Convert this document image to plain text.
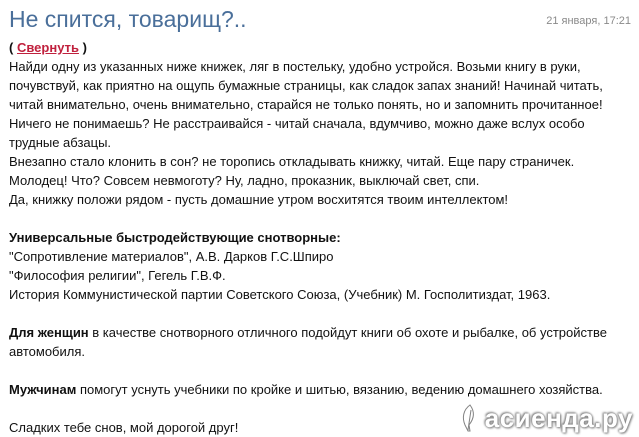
Не спится, товарищ?..	21 января, 17:21
( Свернуть )

Найди одну из указанных ниже книжек, ляг в постельку, удобно устройся. Возьми книгу в руки, почувствуй, как приятно на ощупь бумажные страницы, как сладок запах знаний! Начинай читать, читай внимательно, очень внимательно, старайся не только понять, но и запомнить прочитанное! Ничего не понимаешь? Не расстраивайся - читай сначала, вдумчиво, можно даже вслух особо трудные абзацы.

Внезапно стало клонить в сон? не торопись откладывать книжку, читай. Еще пару страничек. Молодец! Что? Совсем невмоготу? Ну, ладно, проказник, выключай свет, спи.

Да, книжку положи рядом - пусть домашние утром восхитятся твоим интеллектом!

Универсальные быстродействующие снотворные:

"Сопротивление материалов", А.В. Дарков Г.С.Шпиро

"Философия религии", Гегель Г.В.Ф.

История Коммунистической партии Советского Союза, (Учебник) М. Госполитиздат, 1963.

Для женщин в качестве снотворного отличного подойдут книги об охоте и рыбалке, об устройстве автомобиля.

Мужчинам помогут уснуть учебники по кройке и шитью, вязанию, ведению домашнего хозяйства.

Сладких тебе снов, мой дорогой друг!	асиенда.ру
